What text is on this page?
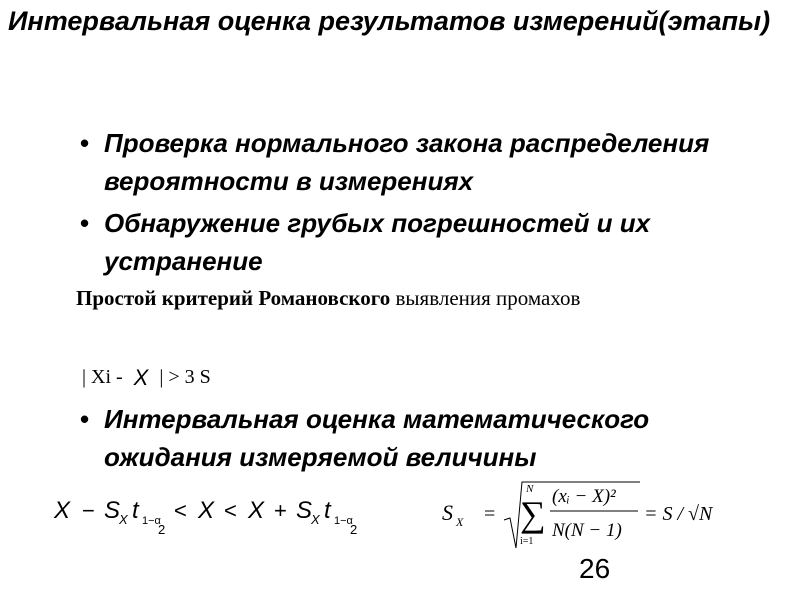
Интервальная оценка результатов измерений(этапы)
• Проверка нормального закона распределения вероятности в измерениях
• Обнаружение грубых погрешностей и их устранение
Простой критерий Романовского выявления промахов
| Xi - X | > 3 S
• Интервальная оценка математического ожидания измеряемой величины
X − S
X t 1−α
2
< X < X + S
X t 1−α
2
S X =
N
∑
i=1
(xᵢ − X)²
N(N − 1)
= S / √N
26
